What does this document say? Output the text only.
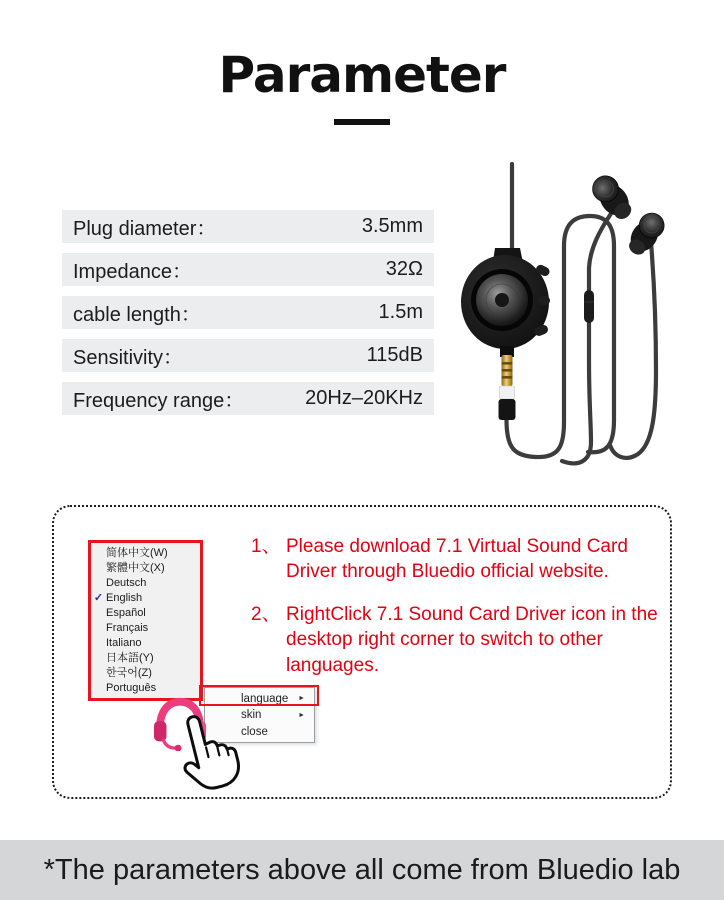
Parameter
Plug diameter：	3.5mm
Impedance：	32Ω
cable length：	1.5m
Sensitivity：	115dB
Frequency range：	20Hz–20KHz
简体中文(W)
繁體中文(X)
Deutsch
✓ English
Español
Français
Italiano
日本語(Y)
한국어(Z)
Português
language ►
skin	►
close
1、 Please download 7.1 Virtual Sound Card Driver through Bluedio official website.
2、 RightClick 7.1 Sound Card Driver icon in the desktop right corner to switch to other languages.
*The parameters above all come from Bluedio lab
